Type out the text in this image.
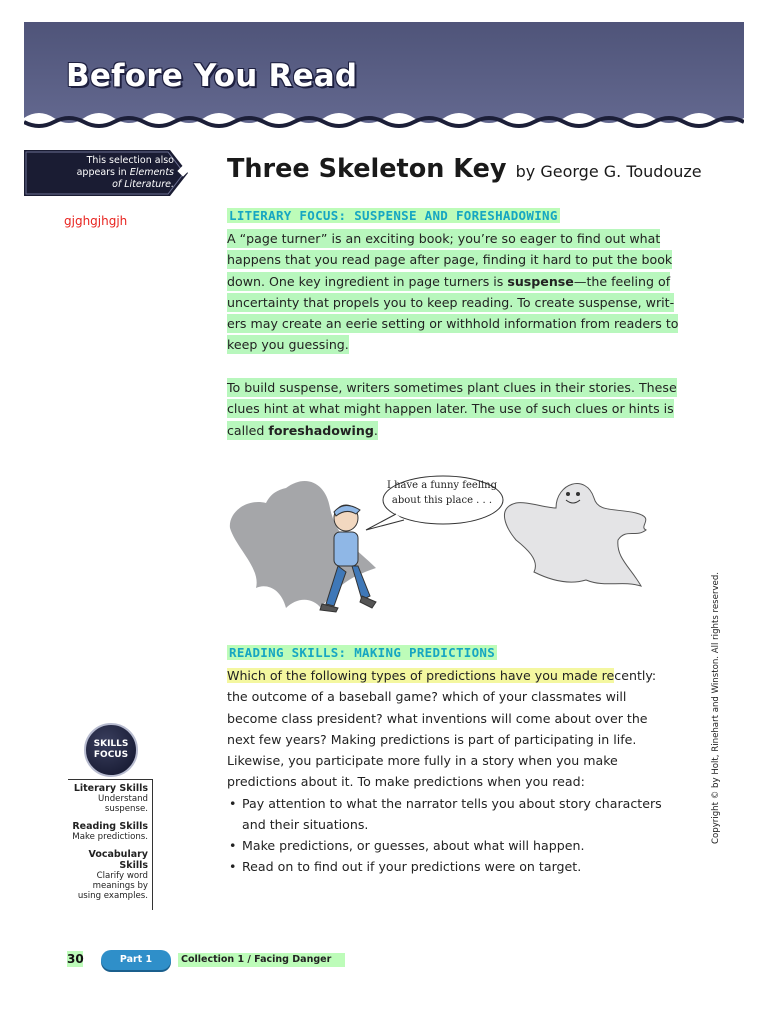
Before You Read
This selection also
appears in Elements
of Literature.
gjghgjhgjh
Three Skeleton Key by George G. Toudouze
LITERARY FOCUS: SUSPENSE AND FORESHADOWING
A “page turner” is an exciting book; you’re so eager to find out what happens that you read page after page, finding it hard to put the book down. One key ingredient in page turners is suspense—the feeling of uncertainty that propels you to keep reading. To create suspense, writ- ers may create an eerie setting or withhold information from readers to keep you guessing.
To build suspense, writers sometimes plant clues in their stories. These clues hint at what might happen later. The use of such clues or hints is called foreshadowing.
I have a funny feeling
about this place . . .
READING SKILLS: MAKING PREDICTIONS
Which of the following types of predictions have you made recently: the outcome of a baseball game? which of your classmates will become class president? what inventions will come about over the next few years? Making predictions is part of participating in life. Likewise, you participate more fully in a story when you make predictions about it. To make predictions when you read:
• Pay attention to what the narrator tells you about story characters and their situations.
• Make predictions, or guesses, about what will happen.
• Read on to find out if your predictions were on target.
SKILLS
FOCUS
Literary Skills
Understand
suspense.
Reading Skills
Make predictions.
Vocabulary
Skills
Clarify word
meanings by
using examples.
Copyright © by Holt, Rinehart and Winston. All rights reserved.
30	Part 1	Collection 1 / Facing Danger
